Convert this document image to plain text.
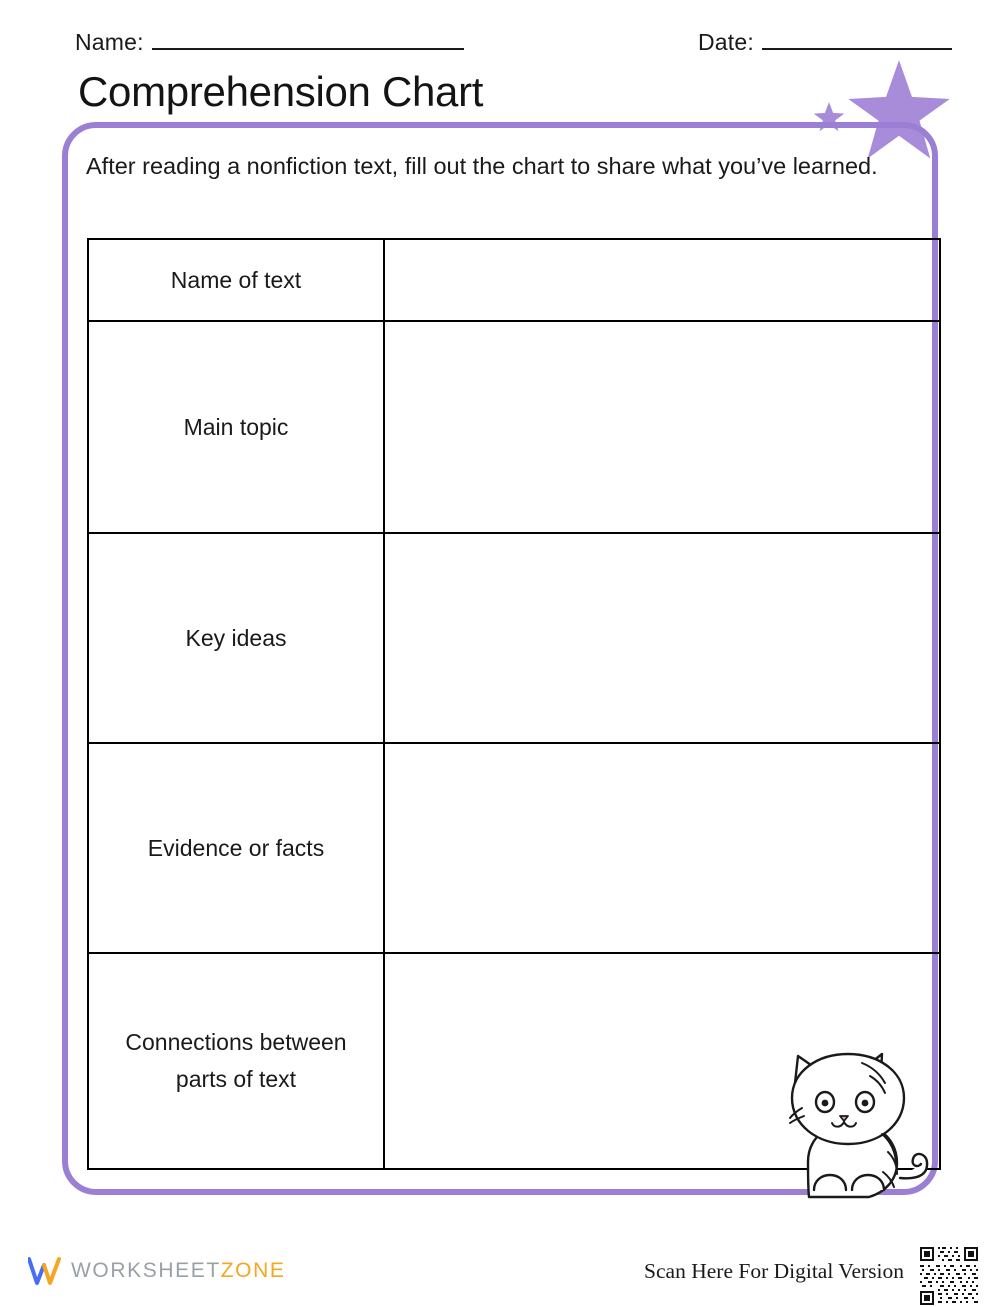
Name:	Date:
Comprehension Chart
After reading a nonfiction text, fill out the chart to share what you’ve learned.
Name of text	
Main topic	
Key ideas	
Evidence or facts	
Connections between parts of text	
WORKSHEETZONE	Scan Here For Digital Version
